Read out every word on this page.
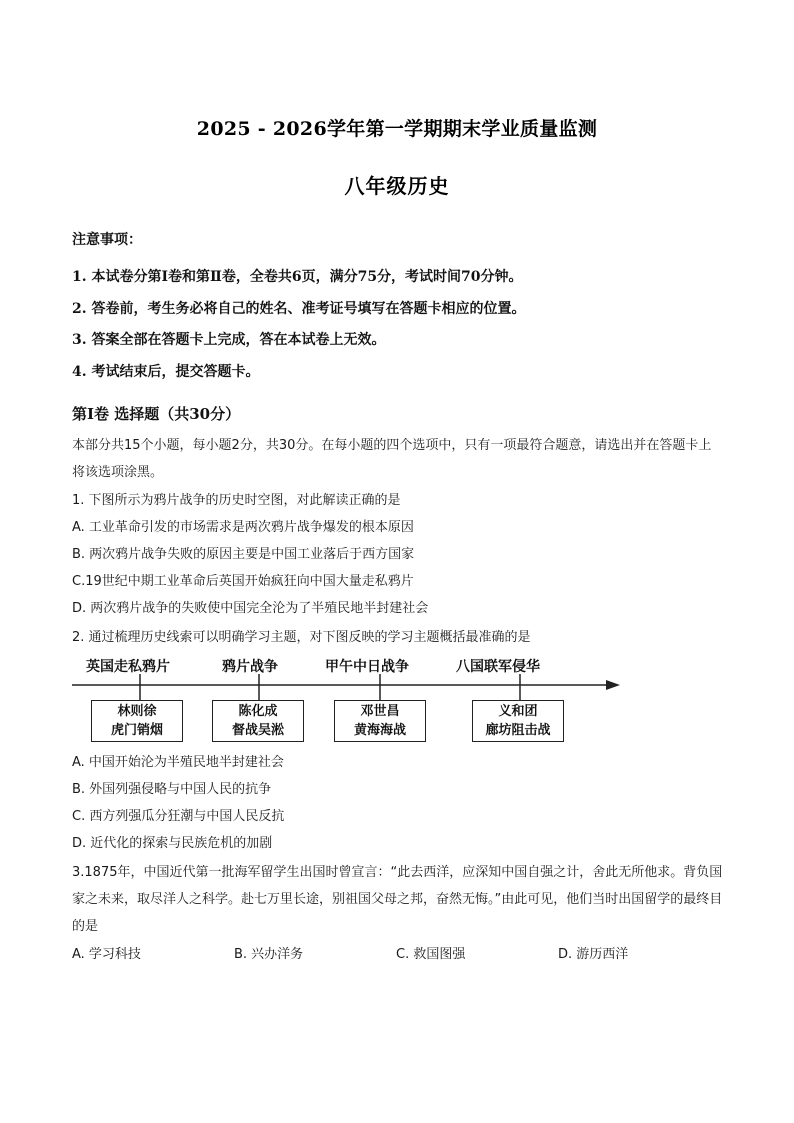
2025 - 2026学年第一学期期末学业质量监测
八年级历史
注意事项：
1. 本试卷分第Ⅰ卷和第Ⅱ卷，全卷共6页，满分75分，考试时间70分钟。
2. 答卷前，考生务必将自己的姓名、准考证号填写在答题卡相应的位置。
3. 答案全部在答题卡上完成，答在本试卷上无效。
4. 考试结束后，提交答题卡。
第Ⅰ卷 选择题（共30分）
本部分共15个小题，每小题2分，共30分。在每小题的四个选项中，只有一项最符合题意，请选出并在答题卡上将该选项涂黑。
1. 下图所示为鸦片战争的历史时空图，对此解读正确的是
A. 工业革命引发的市场需求是两次鸦片战争爆发的根本原因
B. 两次鸦片战争失败的原因主要是中国工业落后于西方国家
C.19世纪中期工业革命后英国开始疯狂向中国大量走私鸦片
D. 两次鸦片战争的失败使中国完全沦为了半殖民地半封建社会
2. 通过梳理历史线索可以明确学习主题，对下图反映的学习主题概括最准确的是
英国走私鸦片	鸦片战争	甲午中日战争	八国联军侵华
林则徐
虎门销烟
陈化成
督战吴淞
邓世昌
黄海海战
义和团
廊坊阻击战
A. 中国开始沦为半殖民地半封建社会
B. 外国列强侵略与中国人民的抗争
C. 西方列强瓜分狂潮与中国人民反抗
D. 近代化的探索与民族危机的加剧
3.1875年，中国近代第一批海军留学生出国时曾宣言：“此去西洋，应深知中国自强之计，舍此无所他求。背负国家之未来，取尽洋人之科学。赴七万里长途，别祖国父母之邦，奋然无悔。”由此可见，他们当时出国留学的最终目的是
A. 学习科技	B. 兴办洋务	C. 救国图强	D. 游历西洋
